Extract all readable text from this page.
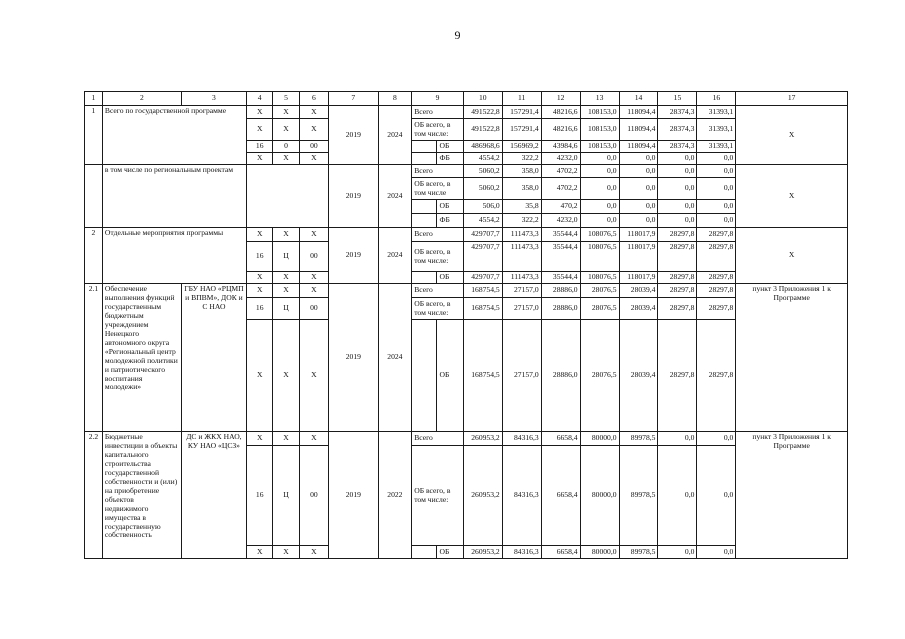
9
1	2	3	4	5	6	7	8	9		10	11	12	13	14	15	16	17
1	Всего по государственной программе		Х	Х	Х	2019	2024	Всего		491522,8	157291,4	48216,6	108153,0	118094,4	28374,3	31393,1	Х
			Х	Х	Х			ОБ всего, в том числе:		491522,8	157291,4	48216,6	108153,0	118094,4	28374,3	31393,1	
			16	0	00				ОБ	486968,6	156969,2	43984,6	108153,0	118094,4	28374,3	31393,1	
			Х	Х	Х				ФБ	4554,2	322,2	4232,0	0,0	0,0	0,0	0,0	
	в том числе по региональным проектам					2019	2024	Всего		5060,2	358,0	4702,2	0,0	0,0	0,0	0,0	Х
								ОБ всего, в том числе		5060,2	358,0	4702,2	0,0	0,0	0,0	0,0	
									ОБ	506,0	35,8	470,2	0,0	0,0	0,0	0,0	
									ФБ	4554,2	322,2	4232,0	0,0	0,0	0,0	0,0	
2	Отдельные мероприятия программы		Х	Х	Х	2019	2024	Всего		429707,7	111473,3	35544,4	108076,5	118017,9	28297,8	28297,8	Х
			16	Ц	00			ОБ всего, в том числе:		429707,7	111473,3	35544,4	108076,5	118017,9	28297,8	28297,8	
			Х	Х	Х				ОБ	429707,7	111473,3	35544,4	108076,5	118017,9	28297,8	28297,8	
2.1	Обеспечение выполнения функций государственным бюджетным учреждением Ненецкого автономного округа «Региональный центр молодежной политики и патриотического воспитания молодежи»	ГБУ НАО «РЦМП и ВПВМ», ДОК и С НАО	Х	Х	Х	2019	2024	Всего		168754,5	27157,0	28886,0	28076,5	28039,4	28297,8	28297,8	пункт 3 Приложения 1 к Программе
			16	Ц	00			ОБ всего, в том числе:		168754,5	27157,0	28886,0	28076,5	28039,4	28297,8	28297,8	
			Х	Х	Х				ОБ	168754,5	27157,0	28886,0	28076,5	28039,4	28297,8	28297,8	
2.2	Бюджетные инвестиции в объекты капитального строительства государственной собственности и (или) на приобретение объектов недвижимого имущества в государственную собственность	ДС и ЖКХ НАО, КУ НАО «ЦСЗ»	Х	Х	Х	2019	2022	Всего		260953,2	84316,3	6658,4	80000,0	89978,5	0,0	0,0	пункт 3 Приложения 1 к Программе
			16	Ц	00			ОБ всего, в том числе:		260953,2	84316,3	6658,4	80000,0	89978,5	0,0	0,0	
			Х	Х	Х				ОБ	260953,2	84316,3	6658,4	80000,0	89978,5	0,0	0,0	
